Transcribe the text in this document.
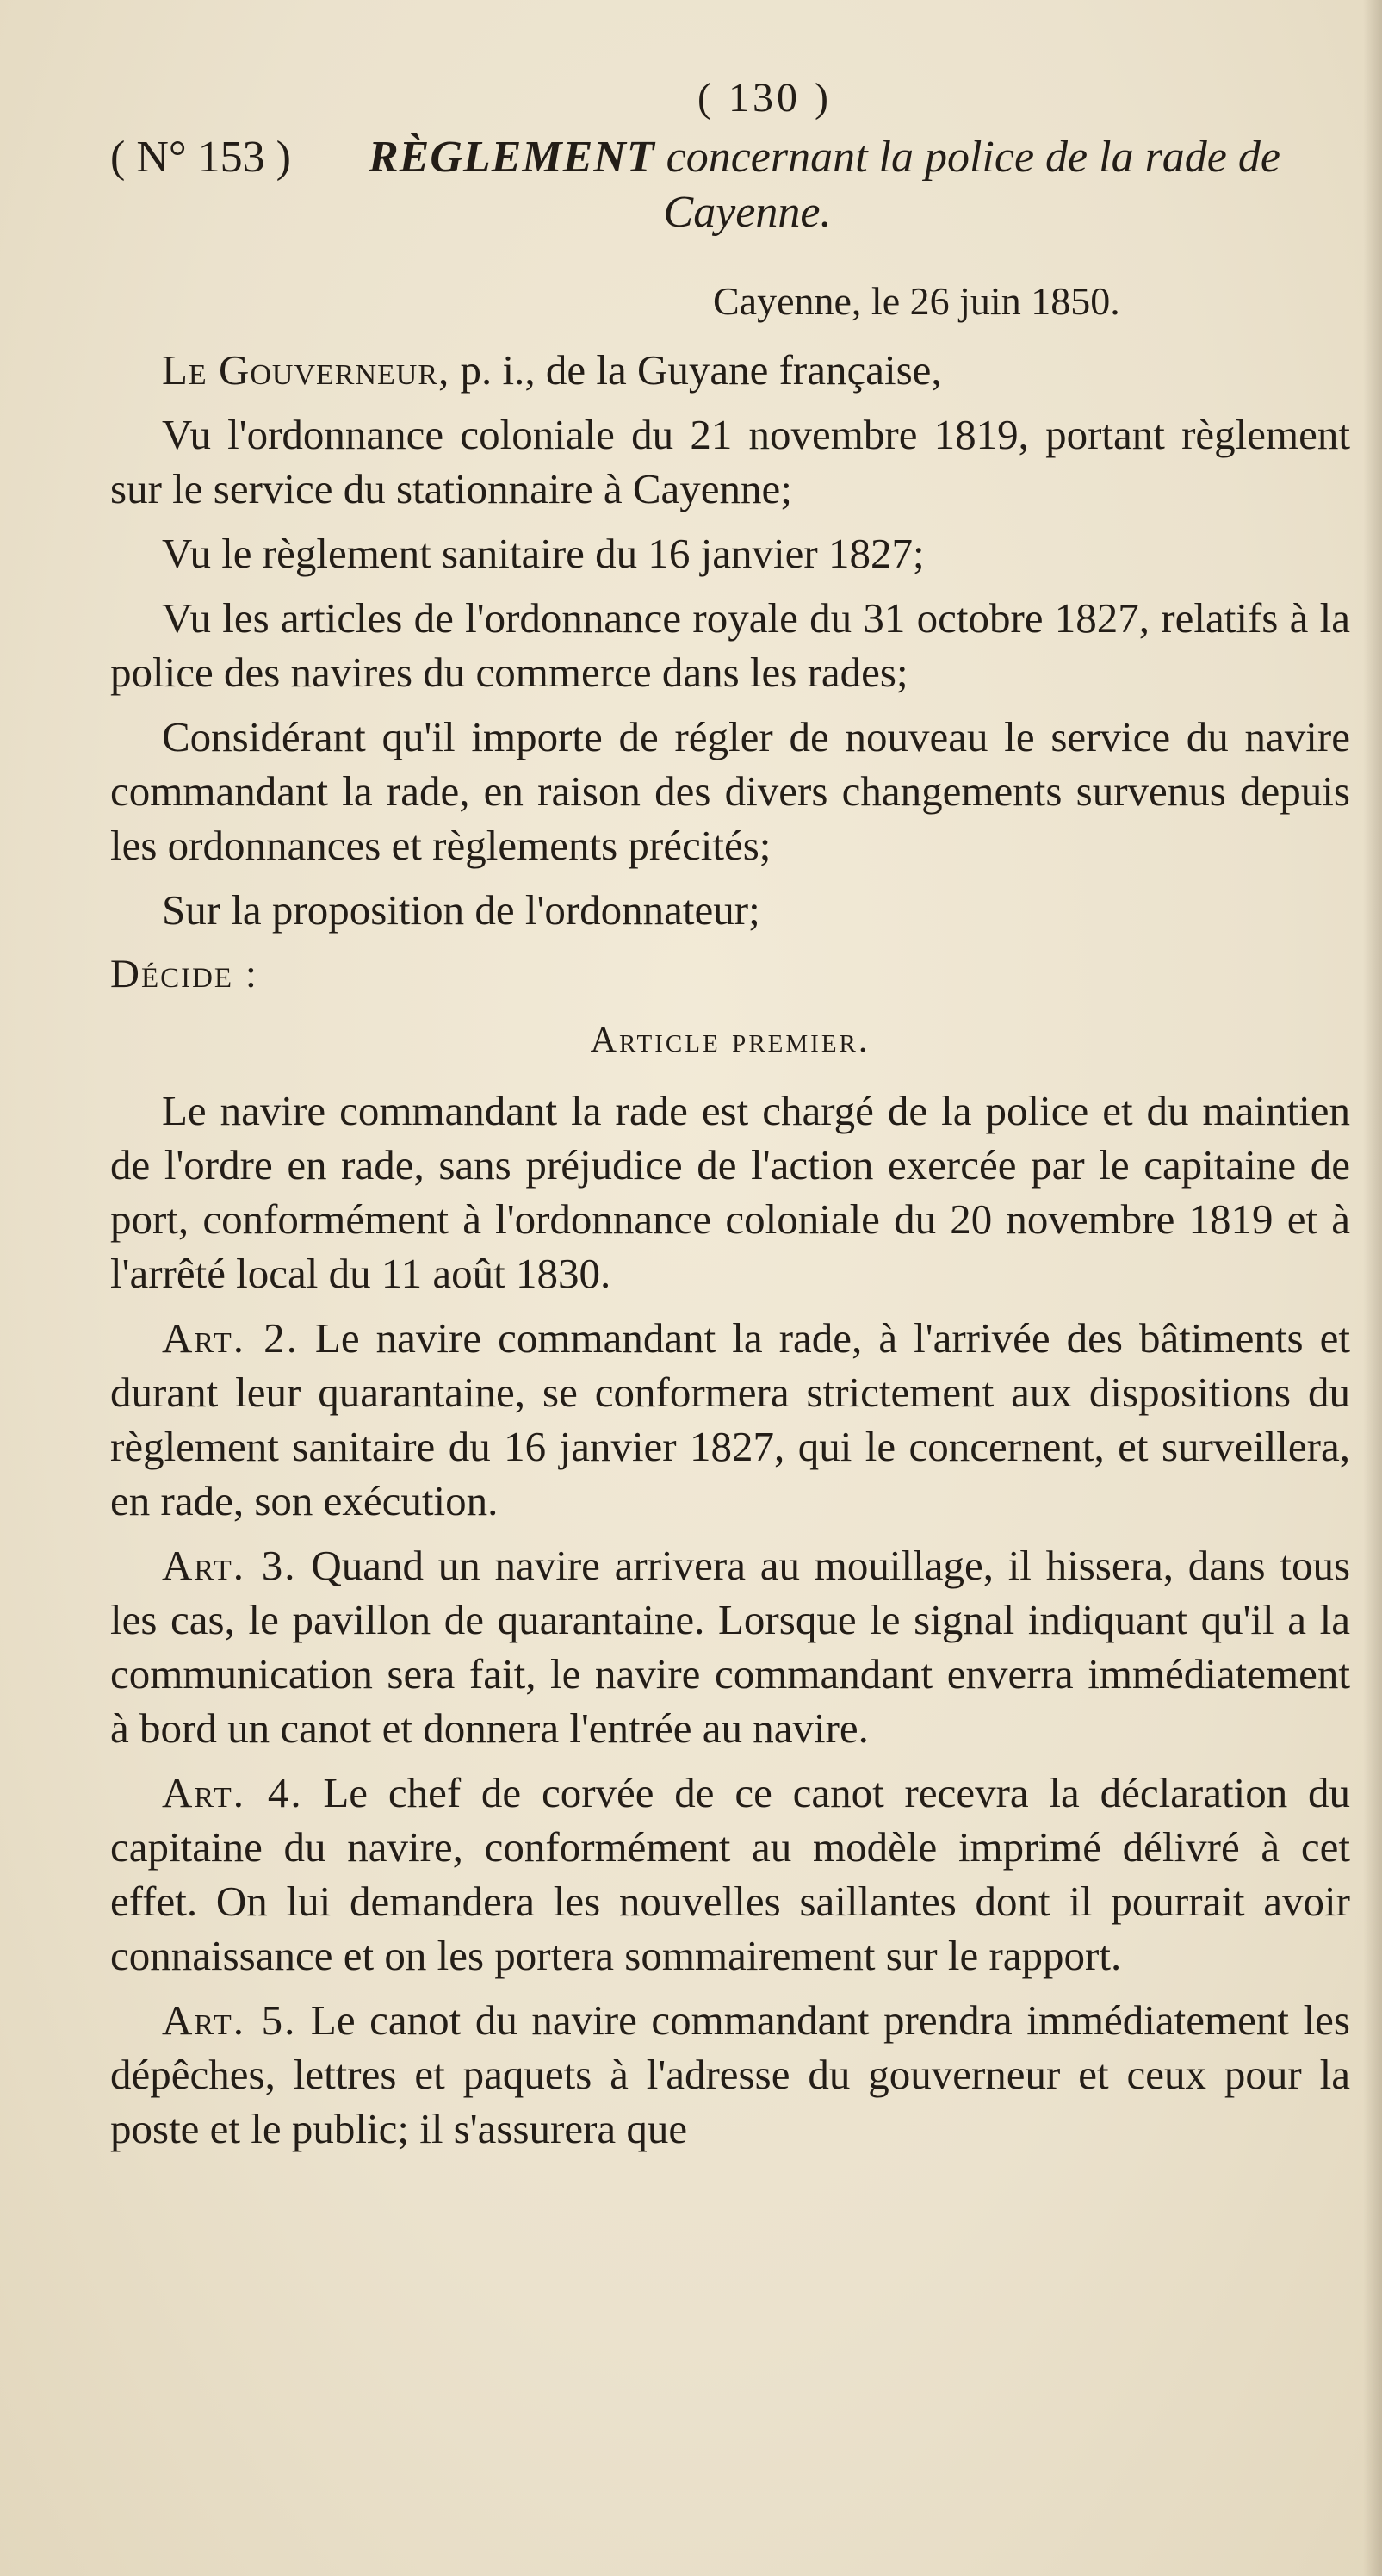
( 130 )
( N° 153 )	RÈGLEMENT concernant la police de la rade de
Cayenne.
Cayenne, le 26 juin 1850.

Le Gouverneur, p. i., de la Guyane française,

Vu l'ordonnance coloniale du 21 novembre 1819, portant règlement sur le service du stationnaire à Cayenne;

Vu le règlement sanitaire du 16 janvier 1827;

Vu les articles de l'ordonnance royale du 31 octobre 1827, relatifs à la police des navires du commerce dans les rades;

Considérant qu'il importe de régler de nouveau le service du navire commandant la rade, en raison des divers changements survenus depuis les ordonnances et règlements précités;

Sur la proposition de l'ordonnateur;

Décide :
Article premier.

Le navire commandant la rade est chargé de la police et du maintien de l'ordre en rade, sans préjudice de l'action exercée par le capitaine de port, conformément à l'ordonnance coloniale du 20 novembre 1819 et à l'arrêté local du 11 août 1830.

Art. 2. Le navire commandant la rade, à l'arrivée des bâtiments et durant leur quarantaine, se conformera strictement aux dispositions du règlement sanitaire du 16 janvier 1827, qui le concernent, et surveillera, en rade, son exécution.

Art. 3. Quand un navire arrivera au mouillage, il hissera, dans tous les cas, le pavillon de quarantaine. Lorsque le signal indiquant qu'il a la communication sera fait, le navire commandant enverra immédiatement à bord un canot et donnera l'entrée au navire.

Art. 4. Le chef de corvée de ce canot recevra la déclaration du capitaine du navire, conformément au modèle imprimé délivré à cet effet. On lui demandera les nouvelles saillantes dont il pourrait avoir connaissance et on les portera sommairement sur le rapport.

Art. 5. Le canot du navire commandant prendra immédiatement les dépêches, lettres et paquets à l'adresse du gouverneur et ceux pour la poste et le public; il s'assurera que
